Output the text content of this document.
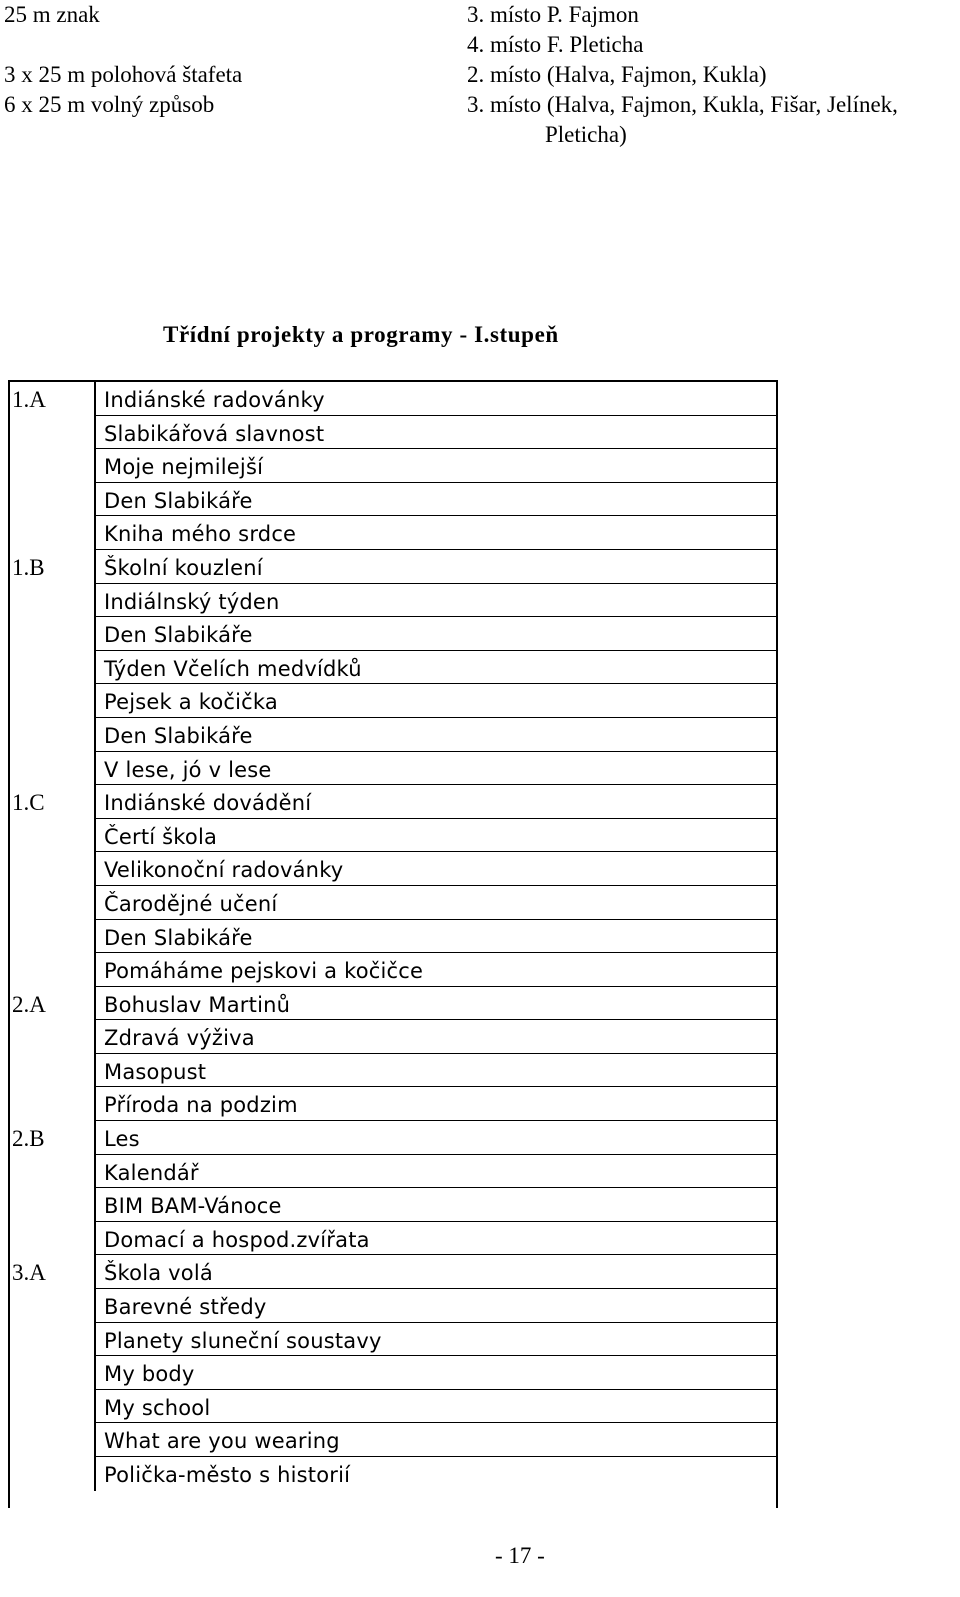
25 m znak	3. místo P. Fajmon
4. místo F. Pleticha
3 x 25 m polohová štafeta	2. místo (Halva, Fajmon, Kukla)
6 x 25 m volný způsob	3. místo (Halva, Fajmon, Kukla, Fišar, Jelínek,
Pleticha)
Třídní projekty a programy - I.stupeň
1.A	Indiánské radovánky
Slabikářová slavnost
Moje nejmilejší
Den Slabikáře
Kniha mého srdce
1.B	Školní kouzlení
Indiálnský týden
Den Slabikáře
Týden Včelích medvídků
Pejsek a kočička
Den Slabikáře
V lese, jó v lese
1.C	Indiánské dovádění
Čertí škola
Velikonoční radovánky
Čarodějné učení
Den Slabikáře
Pomáháme pejskovi a kočičce
2.A	Bohuslav Martinů
Zdravá výživa
Masopust
Příroda na podzim
2.B	Les
Kalendář
BIM BAM-Vánoce
Domací a hospod.zvířata
3.A	Škola volá
Barevné středy
Planety sluneční soustavy
My body
My school
What are you wearing
Polička-město s historií
- 17 -
